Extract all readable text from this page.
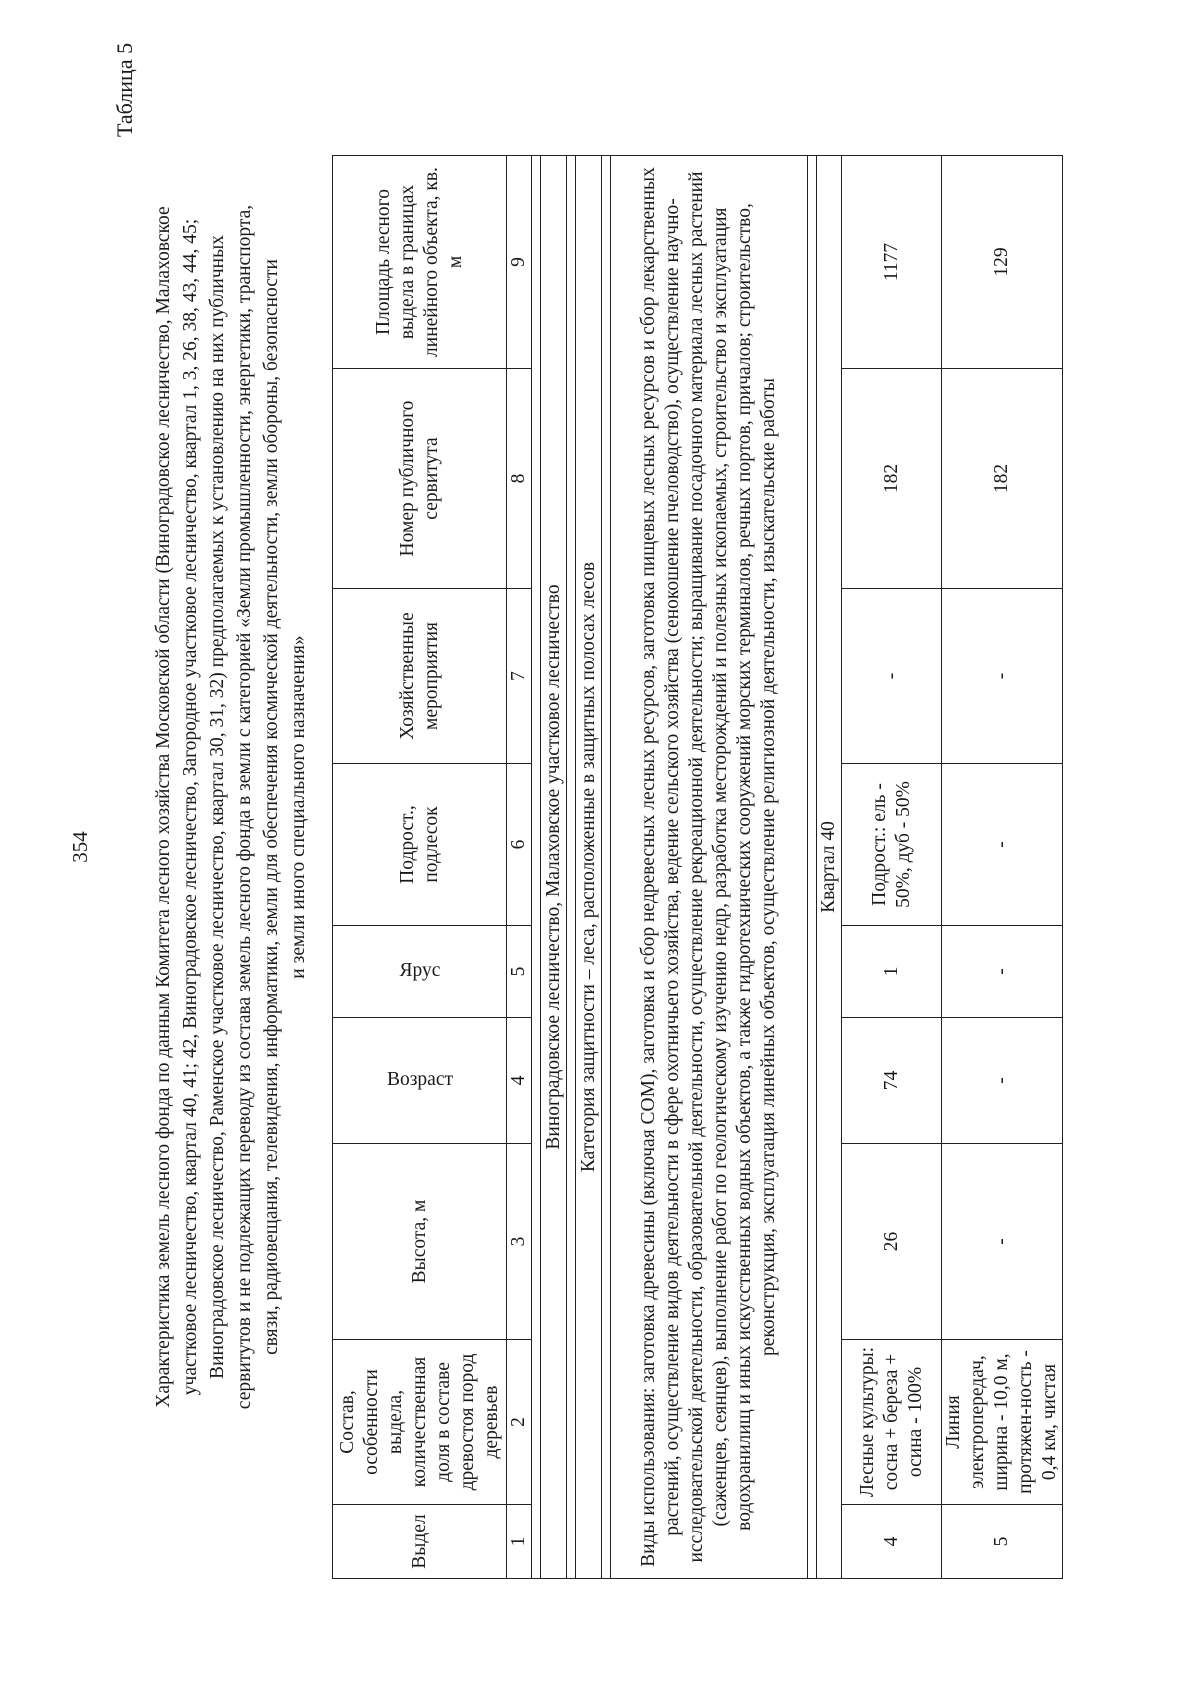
354
Таблица 5

Характеристика земель лесного фонда по данным Комитета лесного хозяйства Московской области (Виноградовское лесничество, Малаховское участковое лесничество, квартал 40, 41; 42, Виноградовское лесничество, Загородное участковое лесничество, квартал 1, 3, 26, 38, 43, 44, 45; Виноградовское лесничество, Раменское участковое лесничество, квартал 30, 31, 32) предполагаемых к установлению на них публичных сервитутов и не подлежащих переводу из состава земель лесного фонда в земли с категорией «Земли промышленности, энергетики, транспорта, связи, радиовещания, телевидения, информатики, земли для обеспечения космической деятельности, земли обороны, безопасности и земли иного специального назначения»

Выдел	Состав, особенности выдела, количественная доля в составе древостоя пород деревьев	Высота, м	Возраст	Ярус	Подрост., подлесок	Хозяйственные мероприятия	Номер публичного сервитута	Площадь лесного выдела в границах линейного объекта, кв. м
1	2	3	4	5	6	7	8	9

Виноградовское лесничество, Малаховское участковое лесничество								

Категория защитности – леса, расположенные в защитных полосах лесов								

Виды использования: заготовка древесины (включая СОМ), заготовка и сбор недревесных лесных ресурсов, заготовка пищевых лесных ресурсов и сбор лекарственных растений, осуществление видов деятельности в сфере охотничьего хозяйства, ведение сельского хозяйства (сенокошение пчеловодство), осуществление научно-исследовательской деятельности, образовательной деятельности, осуществление рекреационной деятельности; выращивание посадочного материала лесных растений (саженцев, сеянцев), выполнение работ по геологическому изучению недр, разработка месторождений и полезных ископаемых, строительство и эксплуатация водохранилищ и иных искусственных водных объектов, а также гидротехнических сооружений морских терминалов, речных портов, причалов; строительство, реконструкция, эксплуатация линейных объектов, осуществление религиозной деятельности, изыскательские работы								

Квартал 40								
4	Лесные культуры: сосна + береза + осина - 100%	26	74	1	Подрост.: ель - 50%, дуб - 50%	-	182	1177
5	Линия электропередач, ширина - 10,0 м, протяжен-ность - 0,4 км, чистая	-	-	-	-	-	182	129
